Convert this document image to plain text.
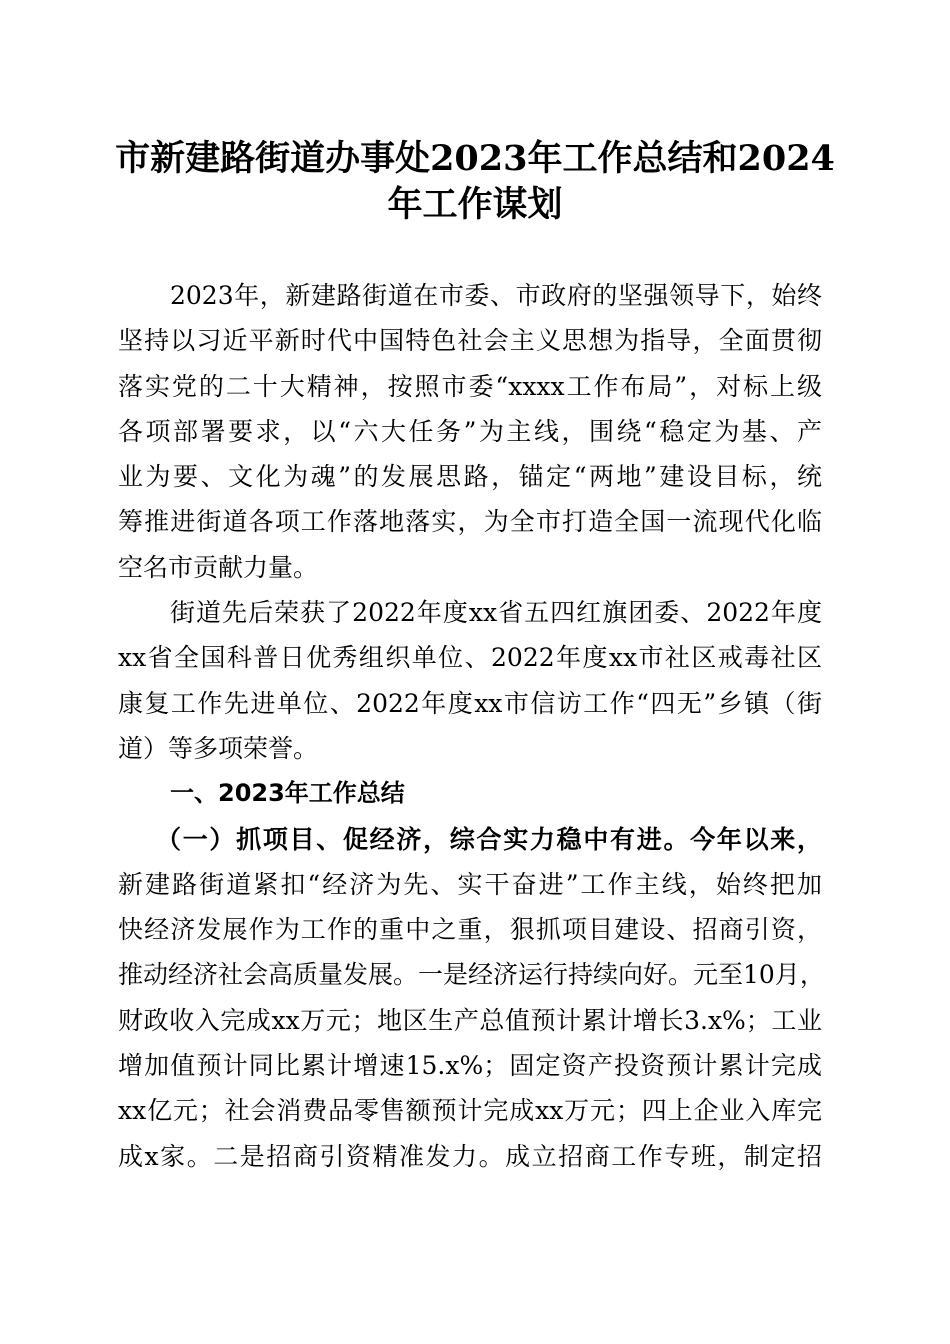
市新建路街道办事处2023年工作总结和2024
年工作谋划
2023年，新建路街道在市委、市政府的坚强领导下，始终
坚持以习近平新时代中国特色社会主义思想为指导，全面贯彻
落实党的二十大精神，按照市委“xxxx工作布局”，对标上级
各项部署要求，以“六大任务”为主线，围绕“稳定为基、产
业为要、文化为魂”的发展思路，锚定“两地”建设目标，统
筹推进街道各项工作落地落实，为全市打造全国一流现代化临
空名市贡献力量。
街道先后荣获了2022年度xx省五四红旗团委、2022年度
xx省全国科普日优秀组织单位、2022年度xx市社区戒毒社区
康复工作先进单位、2022年度xx市信访工作“四无”乡镇（街
道）等多项荣誉。
一、2023年工作总结
（一）抓项目、促经济，综合实力稳中有进。今年以来，
新建路街道紧扣“经济为先、实干奋进”工作主线，始终把加
快经济发展作为工作的重中之重，狠抓项目建设、招商引资，
推动经济社会高质量发展。一是经济运行持续向好。元至10月，
财政收入完成xx万元；地区生产总值预计累计增长3.x%；工业
增加值预计同比累计增速15.x%；固定资产投资预计累计完成
xx亿元；社会消费品零售额预计完成xx万元；四上企业入库完
成x家。二是招商引资精准发力。成立招商工作专班，制定招
